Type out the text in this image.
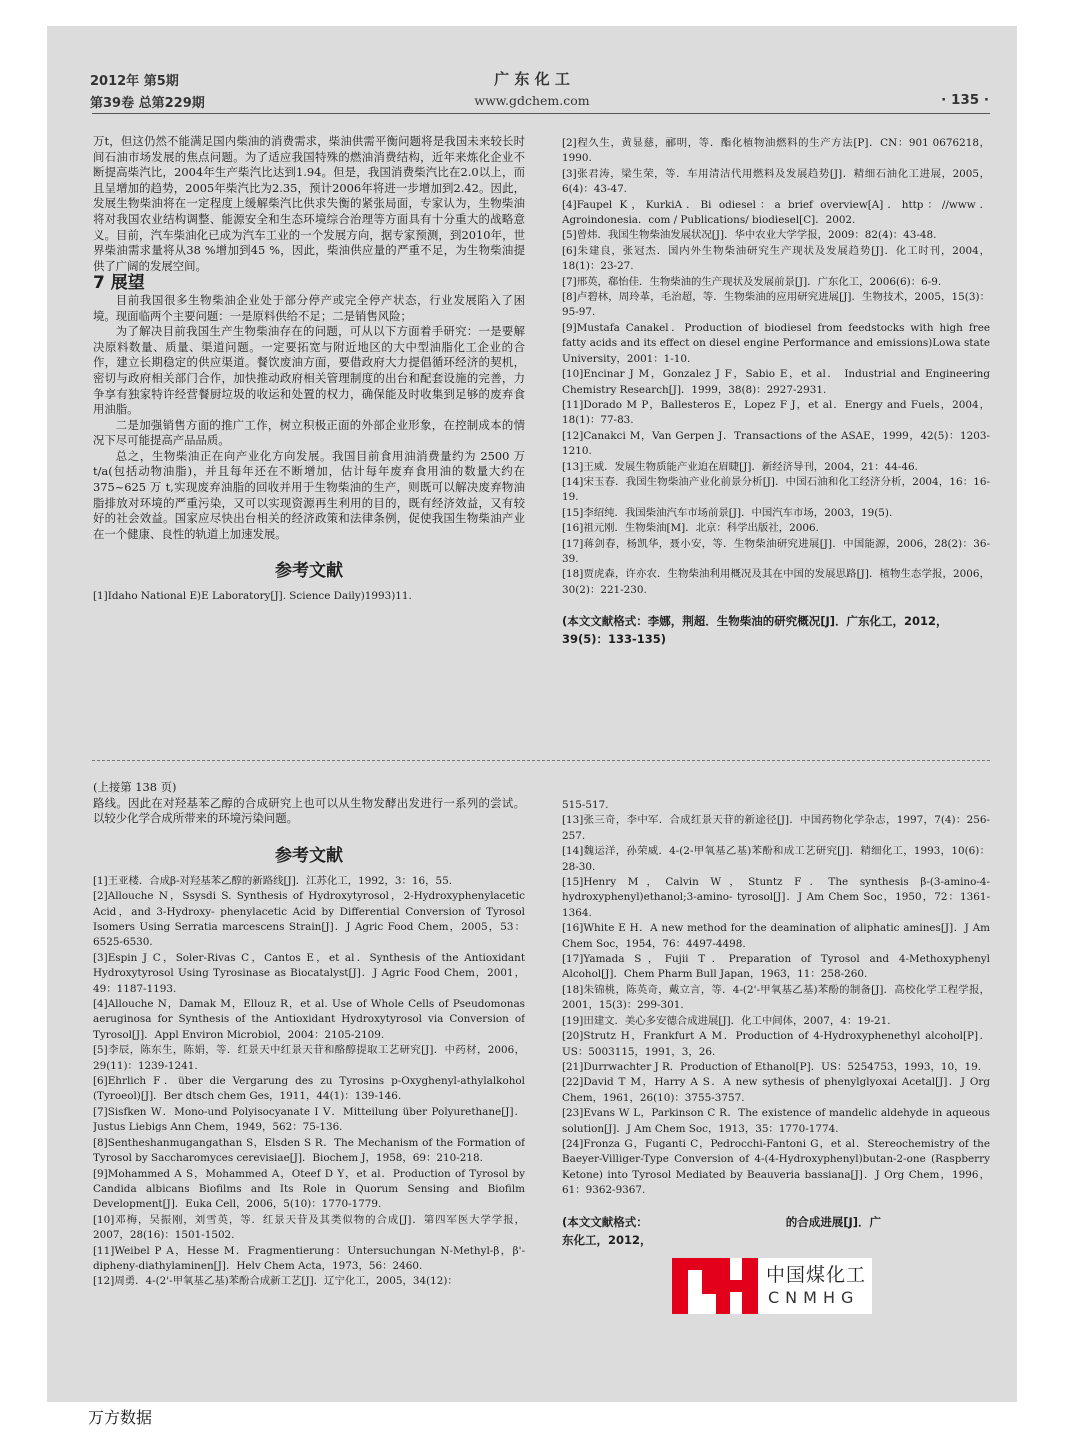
2012年 第5期
第39卷 总第229期
广 东 化 工
www.gdchem.com	· 135 ·

万t，但这仍然不能满足国内柴油的消费需求，柴油供需平衡问题将是我国未来较长时间石油市场发展的焦点问题。为了适应我国特殊的燃油消费结构，近年来炼化企业不断提高柴汽比，2004年生产柴汽比达到1.94。但是，我国消费柴汽比在2.0以上，而且呈增加的趋势，2005年柴汽比为2.35，预计2006年将进一步增加到2.42。因此，发展生物柴油将在一定程度上缓解柴汽比供求失衡的紧张局面，专家认为，生物柴油将对我国农业结构调整、能源安全和生态环境综合治理等方面具有十分重大的战略意义。目前，汽车柴油化已成为汽车工业的一个发展方向，据专家预测，到2010年，世界柴油需求量将从38 %增加到45 %，因此，柴油供应量的严重不足，为生物柴油提供了广阔的发展空间。

7 展望

目前我国很多生物柴油企业处于部分停产或完全停产状态，行业发展陷入了困境。现面临两个主要问题：一是原料供给不足；二是销售风险；

为了解决目前我国生产生物柴油存在的问题，可从以下方面着手研究：一是要解决原料数量、质量、渠道问题。一定要拓宽与附近地区的大中型油脂化工企业的合作，建立长期稳定的供应渠道。餐饮废油方面，要借政府大力提倡循环经济的契机，密切与政府相关部门合作，加快推动政府相关管理制度的出台和配套设施的完善，力争享有独家特许经营餐厨垃圾的收运和处置的权力，确保能及时收集到足够的废弃食用油脂。

二是加强销售方面的推广工作，树立积极正面的外部企业形象，在控制成本的情况下尽可能提高产品品质。

总之，生物柴油正在向产业化方向发展。我国目前食用油消费量约为 2500 万 t/a(包括动物油脂)，并且每年还在不断增加，估计每年废弃食用油的数量大约在 375~625 万 t,实现废弃油脂的回收并用于生物柴油的生产，则既可以解决废弃物油脂排放对环境的严重污染，又可以实现资源再生利用的目的，既有经济效益，又有较好的社会效益。国家应尽快出台相关的经济政策和法律条例，促使我国生物柴油产业在一个健康、良性的轨道上加速发展。

参考文献

[1]Idaho National E)E Laboratory[J]. Science Daily)1993)11.

[2]程久生，黄显慈，郦明，等．酯化植物油燃料的生产方法[P]．CN：901 0676218，1990.

[3]张君涛，梁生荣，等．车用清洁代用燃料及发展趋势[J]．精细石油化工进展，2005，6(4)：43-47.

[4]Faupel K，KurkiA．Bi odiesel：a brief overview[A]．http：//www．Agroindonesia．com / Publications/ biodiesel[C]．2002.

[5]曾炜．我国生物柴油发展状况[J]．华中农业大学学报，2009：82(4)：43-48.

[6]朱建良，张冠杰．国内外生物柴油研究生产现状及发展趋势[J]．化工时刊，2004，18(1)：23-27.

[7]邢英，郗怡佳．生物柴油的生产现状及发展前景[J]．广东化工，2006(6)：6-9.

[8]卢碧林，周玲革，毛治超，等．生物柴油的应用研究进展[J]．生物技术，2005，15(3)：95-97.

[9]Mustafa Canakel．Production of biodiesel from feedstocks with high free fatty acids and its effect on diesel engine Performance and emissions)Lowa state University，2001：1-10.

[10]Encinar J M，Gonzalez J F，Sabio E，et al． Industrial and Engineering Chemistry Research[J]．1999，38(8)：2927-2931.

[11]Dorado M P，Ballesteros E，Lopez F J，et al．Energy and Fuels，2004，18(1)：77-83.

[12]Canakci M，Van Gerpen J．Transactions of the ASAE，1999，42(5)：1203-1210.

[13]王威．发展生物质能产业迫在眉睫[J]．新经济导刊，2004，21：44-46.

[14]宋玉春．我国生物柴油产业化前景分析[J]．中国石油和化工经济分析，2004，16：16-19.

[15]李绍纯．我国柴油汽车市场前景[J]．中国汽车市场，2003，19(5).

[16]祖元刚．生物柴油[M]．北京：科学出版社，2006.

[17]蒋剑春，杨凯华，聂小安，等．生物柴油研究进展[J]．中国能源，2006，28(2)：36-39.

[18]贾虎森，许亦农．生物柴油利用概况及其在中国的发展思路[J]．植物生态学报，2006，30(2)：221-230.

(本文文献格式：李娜，荆超．生物柴油的研究概况[J]．广东化工，2012，39(5)：133-135)

(上接第 138 页)

路线。因此在对羟基苯乙醇的合成研究上也可以从生物发酵出发进行一系列的尝试。以较少化学合成所带来的环境污染问题。

参考文献

[1]王亚楼．合成β-对羟基苯乙醇的新路线[J]．江苏化工，1992，3：16，55.

[2]Allouche N，Ssysdi S. Synthesis of Hydroxytyrosol，2-Hydroxyphenylacetic Acid，and 3-Hydroxy- phenylacetic Acid by Differential Conversion of Tyrosol Isomers Using Serratia marcescens Strain[J]．J Agric Food Chem，2005，53：6525-6530.

[3]Espin J C，Soler-Rivas C，Cantos E，et al．Synthesis of the Antioxidant Hydroxytyrosol Using Tyrosinase as Biocatalyst[J]．J Agric Food Chem，2001，49：1187-1193.

[4]Allouche N，Damak M，Ellouz R，et al. Use of Whole Cells of Pseudomonas aeruginosa for Synthesis of the Antioxidant Hydroxytyrosol via Conversion of Tyrosol[J]．Appl Environ Microbiol，2004：2105-2109.

[5]李辰，陈东生，陈娟，等．红景天中红景天苷和酪醇提取工艺研究[J]．中药材，2006，29(11)：1239-1241.

[6]Ehrlich F．über die Vergarung des zu Tyrosins p-Oxyghenyl-athylalkohol (Tyroeol)[J]．Ber dtsch chem Ges，1911，44(1)：139-146.

[7]Sisfken W．Mono-und Polyisocyanate I V．Mitteilung über Polyurethane[J]．Justus Liebigs Ann Chem，1949，562：75-136.

[8]Sentheshanmugangathan S，Elsden S R．The Mechanism of the Formation of Tyrosol by Saccharomyces cerevisiae[J]．Biochem J，1958，69：210-218.

[9]Mohammed A S，Mohammed A，Oteef D Y，et al．Production of Tyrosol by Candida albicans Biofilms and Its Role in Quorum Sensing and Biofilm Development[J]．Euka Cell，2006，5(10)：1770-1779.

[10]邓梅，吴振刚，刘雪英，等．红景天苷及其类似物的合成[J]．第四军医大学学报，2007，28(16)：1501-1502.

[11]Weibel P A，Hesse M．Fragmentierung：Untersuchungan N-Methyl-β，β'-dipheny-diathylaminen[J]．Helv Chem Acta，1973，56：2460.

[12]周勇．4-(2'-甲氧基乙基)苯酚合成新工艺[J]．辽宁化工，2005，34(12)：

515-517.

[13]张三奇，李中军．合成红景天苷的新途径[J]．中国药物化学杂志，1997，7(4)：256-257.

[14]魏运洋，孙荣威．4-(2-甲氧基乙基)苯酚和成工艺研究[J]．精细化工，1993，10(6)：28-30.

[15]Henry M，Calvin W，Stuntz F．The synthesis β-(3-amino-4-hydroxyphenyl)ethanol;3-amino- tyrosol[J]．J Am Chem Soc，1950，72：1361-1364.

[16]White E H．A new method for the deamination of aliphatic amines[J]．J Am Chem Soc，1954，76：4497-4498.

[17]Yamada S，Fujii T．Preparation of Tyrosol and 4-Methoxyphenyl Alcohol[J]．Chem Pharm Bull Japan，1963，11：258-260.

[18]朱锦桃，陈英奇，戴立言，等．4-(2'-甲氧基乙基)苯酚的制备[J]．高校化学工程学报，2001，15(3)：299-301.

[19]田建文．美心多安德合成进展[J]．化工中间体，2007，4：19-21.

[20]Strutz H，Frankfurt A M．Production of 4-Hydroxyphenethyl alcohol[P]．US：5003115，1991，3，26.

[21]Durrwachter J R．Production of Ethanol[P]．US：5254753，1993，10，19.

[22]David T M，Harry A S．A new sythesis of phenylglyoxai Acetal[J]．J Org Chem，1961，26(10)：3755-3757.

[23]Evans W L，Parkinson C R．The existence of mandelic aldehyde in aqueous solution[J]．J Am Chem Soc，1913，35：1770-1774.

[24]Fronza G，Fuganti C，Pedrocchi-Fantoni G，et al．Stereochemistry of the Baeyer-Villiger-Type Conversion of 4-(4-Hydroxyphenyl)butan-2-one (Raspberry Ketone) into Tyrosol Mediated by Beauveria bassiana[J]．J Org Chem，1996，61：9362-9367.

(本文文献格式：	的合成进展[J]．广
东化工，2012，
中国煤化工
CNMHG
万方数据
